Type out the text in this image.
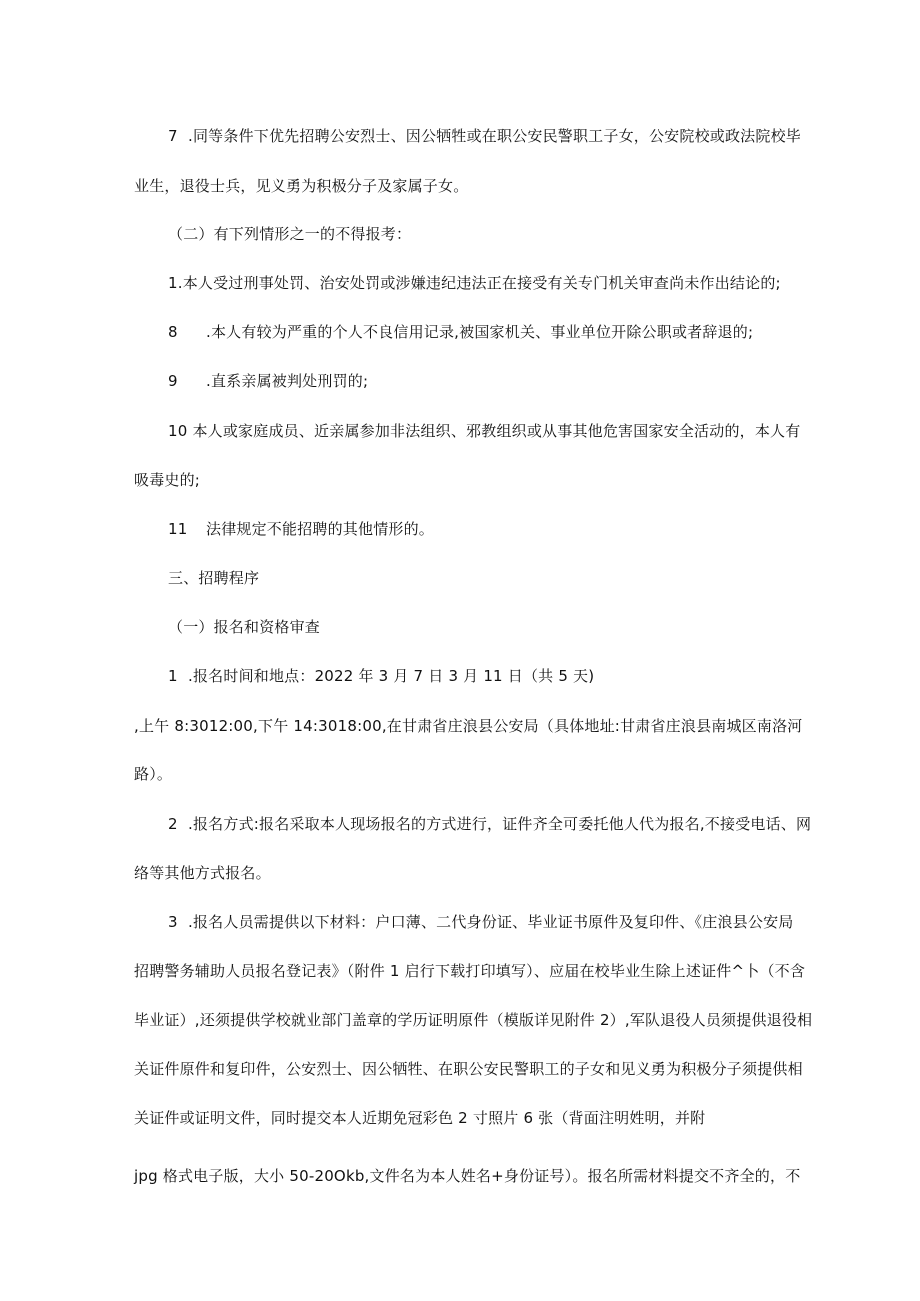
7 .同等条件下优先招聘公安烈士、因公牺牲或在职公安民警职工子女，公安院校或政法院校毕
业生，退役士兵，见义勇为积极分子及家属子女。
（二）有下列情形之一的不得报考：
1.本人受过刑事处罚、治安处罚或涉嫌违纪违法正在接受有关专门机关审查尚未作出结论的;
8 .本人有较为严重的个人不良信用记录,被国家机关、事业单位开除公职或者辞退的;
9 .直系亲属被判处刑罚的;
10 本人或家庭成员、近亲属参加非法组织、邪教组织或从事其他危害国家安全活动的，本人有
吸毒史的;
11 法律规定不能招聘的其他情形的。
三、招聘程序
（一）报名和资格审查
1 .报名时间和地点：2022 年 3 月 7 日 3 月 11 日（共 5 天)
,上午 8:3012:00,下午 14:3018:00,在甘肃省庄浪县公安局（具体地址:甘肃省庄浪县南城区南洛河
路）。
2 .报名方式:报名采取本人现场报名的方式进行，证件齐全可委托他人代为报名,不接受电话、网
络等其他方式报名。
3 .报名人员需提供以下材料：户口薄、二代身份证、毕业证书原件及复印件、《庄浪县公安局
招聘警务辅助人员报名登记表》（附件 1 启行下载打印填写）、应届在校毕业生除上述证件^卜（不含
毕业证）,还须提供学校就业部门盖章的学历证明原件（模版详见附件 2）,军队退役人员须提供退役相
关证件原件和复印件，公安烈士、因公牺牲、在职公安民警职工的子女和见义勇为积极分子须提供相
关证件或证明文件，同时提交本人近期免冠彩色 2 寸照片 6 张（背面注明姓明，并附
jpg 格式电子版，大小 50-20Okb,文件名为本人姓名+身份证号）。报名所需材料提交不齐全的，不
